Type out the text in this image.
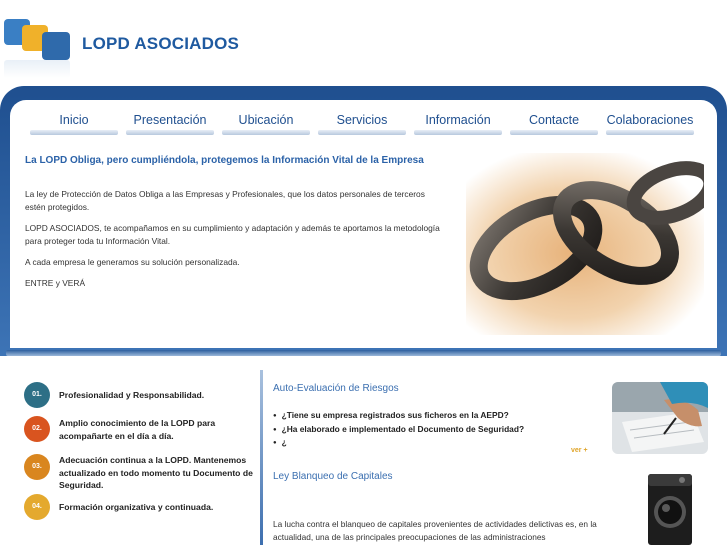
LOPD ASOCIADOS
Inicio	Presentación	Ubicación	Servicios	Información	Contacte	Colaboraciones
La LOPD Obliga, pero cumpliéndola, protegemos la Información Vital de la Empresa

La ley de Protección de Datos Obliga a las Empresas y Profesionales, que los datos personales de terceros estén protegidos.

LOPD ASOCIADOS, te acompañamos en su cumplimiento y adaptación y además te aportamos la metodología para proteger toda tu Información Vital.

A cada empresa le generamos su solución personalizada.

ENTRE y VERÁ

01.	Profesionalidad y Responsabilidad.
02.
Amplio conocimiento de la LOPD para acompañarte en el día a día.
03.
Adecuación continua a la LOPD. Mantenemos actualizado en todo momento tu Documento de Seguridad.
04.	Formación organizativa y continuada.
Auto-Evaluación de Riesgos
● ¿Tiene su empresa registrados sus ficheros en la AEPD?
● ¿Ha elaborado e implementado el Documento de Seguridad?
● ¿
ver +
Ley Blanqueo de Capitales
La lucha contra el blanqueo de capitales provenientes de actividades delictivas es, en la actualidad, una de las principales preocupaciones de las administraciones
